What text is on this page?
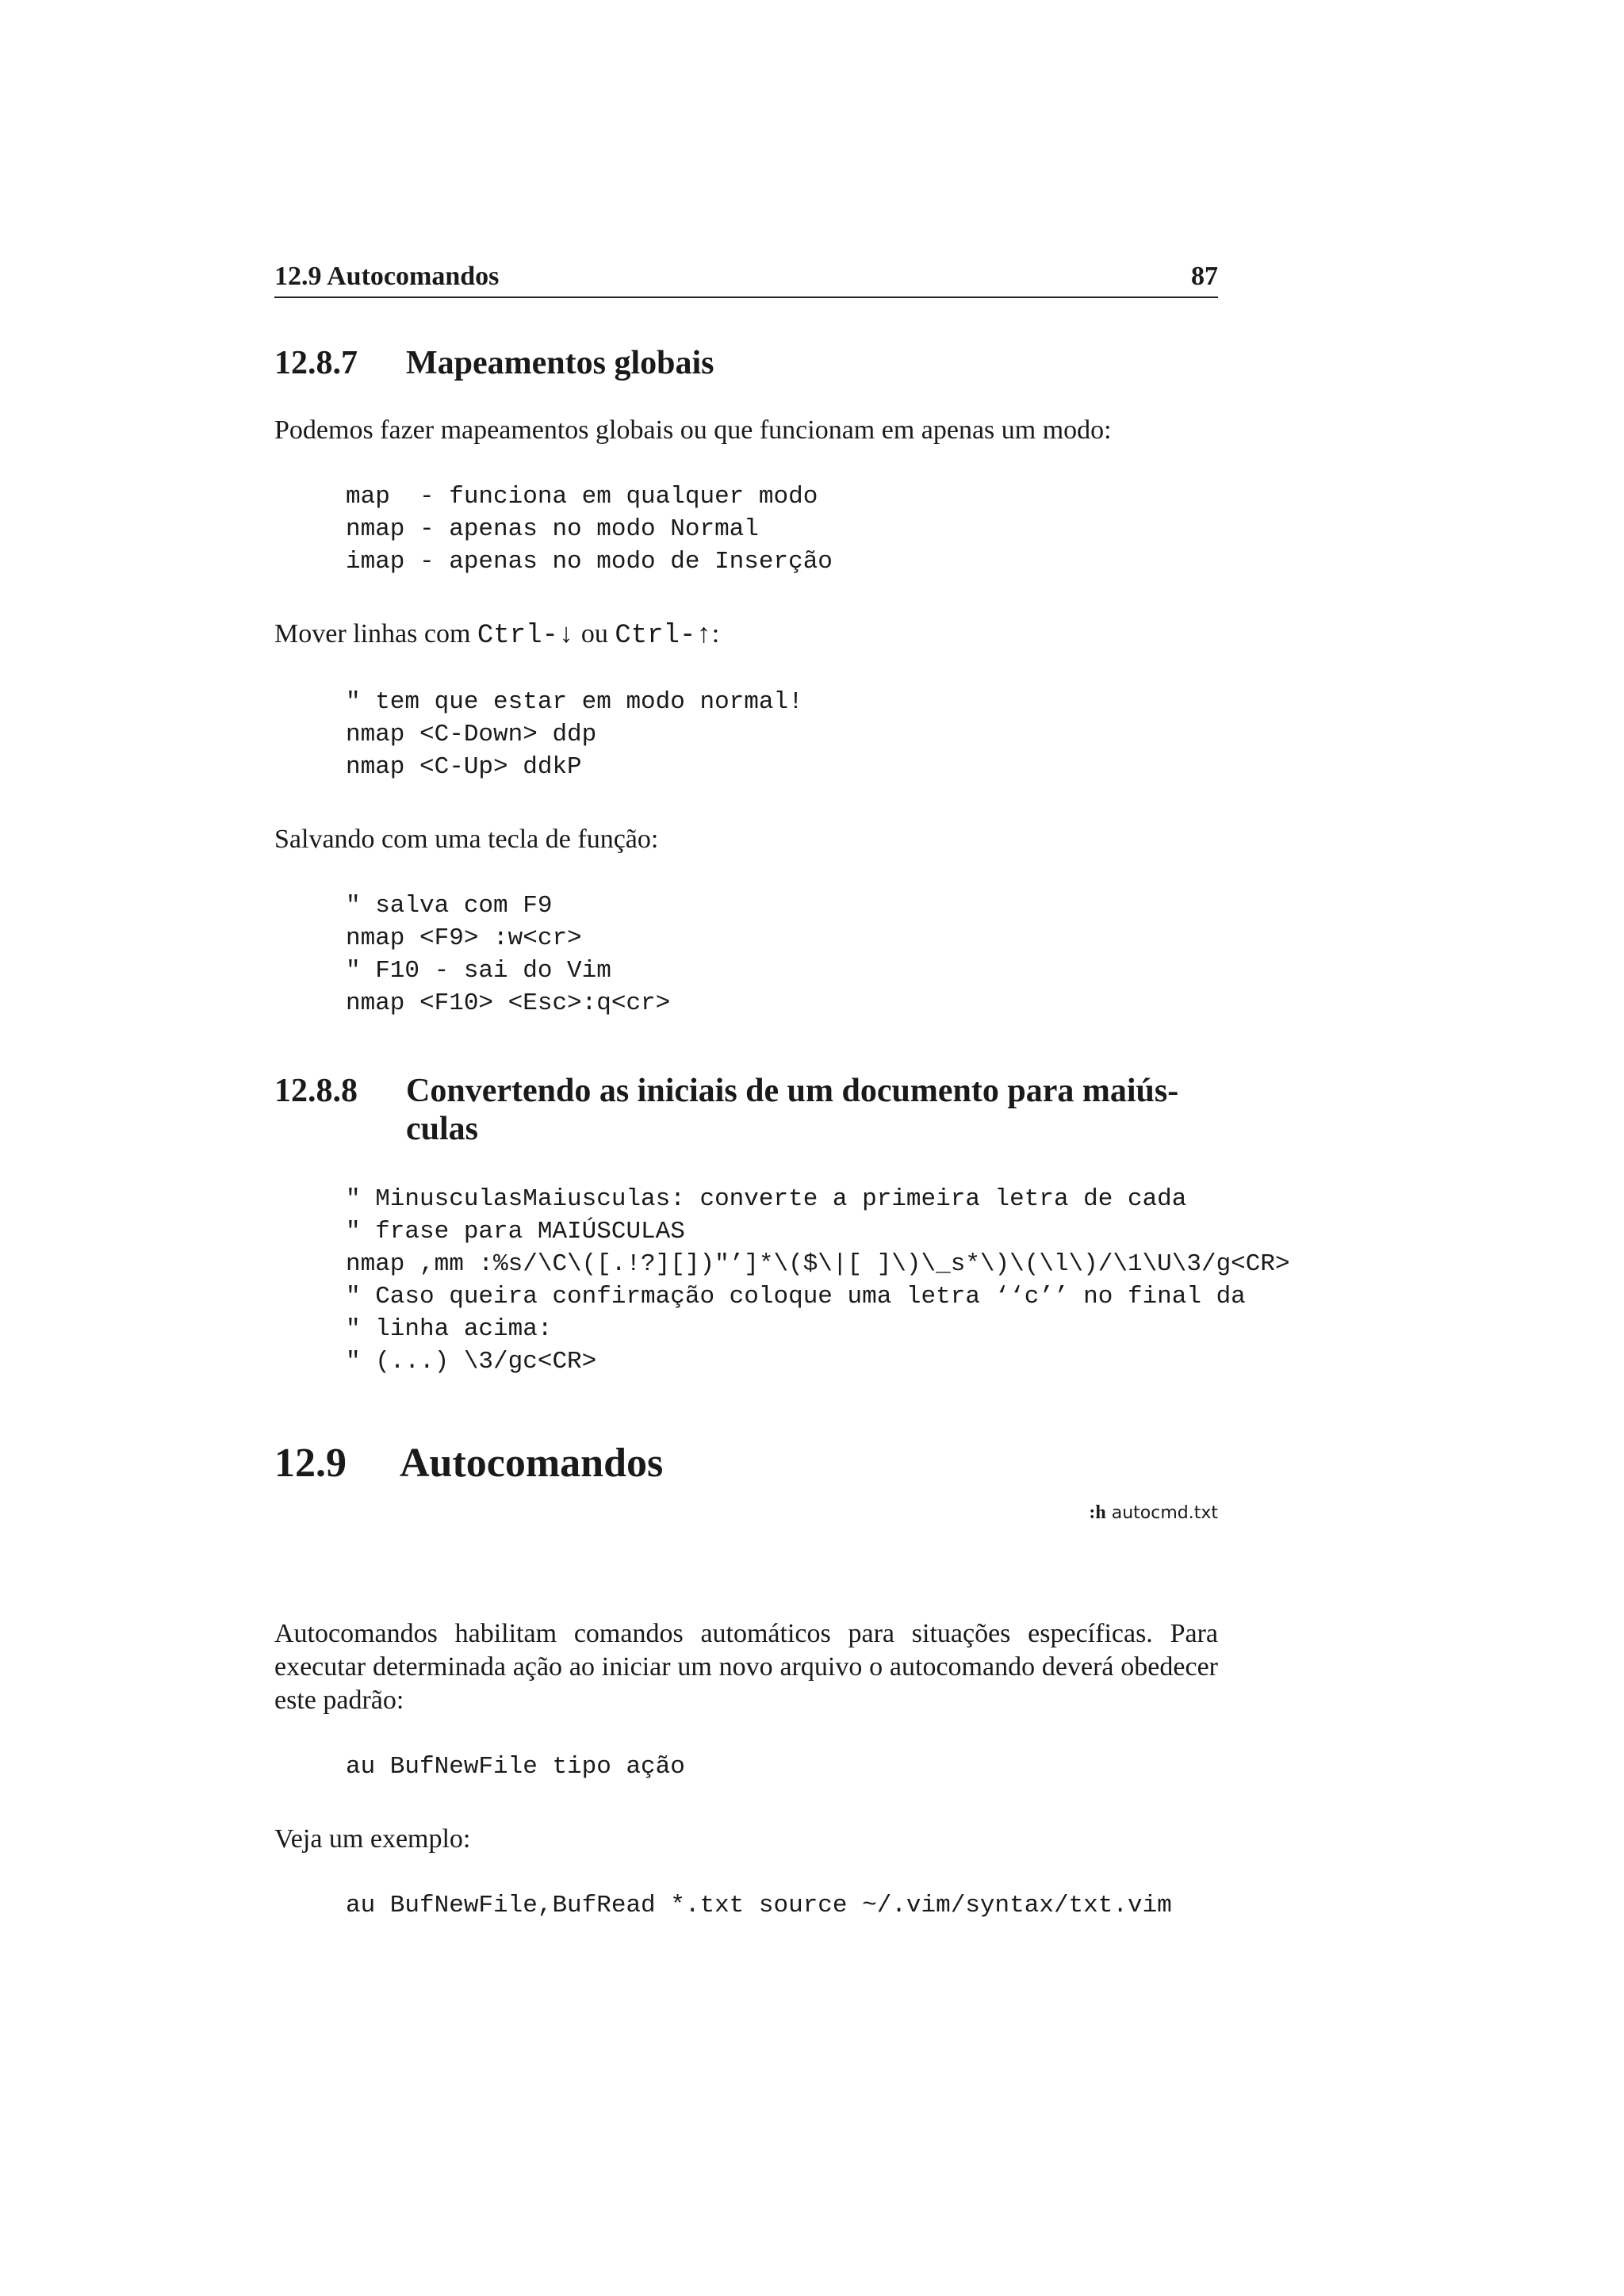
12.9 Autocomandos	87
12.8.7	Mapeamentos globais

Podemos fazer mapeamentos globais ou que funcionam em apenas um modo:

map  - funciona em qualquer modo
nmap - apenas no modo Normal
imap - apenas no modo de Inserção

Mover linhas com Ctrl-↓ ou Ctrl-↑:

" tem que estar em modo normal!
nmap <C-Down> ddp
nmap <C-Up> ddkP

Salvando com uma tecla de função:

" salva com F9
nmap <F9> :w<cr>
" F10 - sai do Vim
nmap <F10> <Esc>:q<cr>
12.8.8	Convertendo as iniciais de um documento para maiús-
culas
" MinusculasMaiusculas: converte a primeira letra de cada
" frase para MAIÚSCULAS
nmap ,mm :%s/\C\([.!?][])"’]*\($\|[ ]\)\_s*\)\(\l\)/\1\U\3/g<CR>
" Caso queira confirmação coloque uma letra ‘‘c’’ no final da
" linha acima:
" (...) \3/gc<CR>
12.9	Autocomandos
:h autocmd.txt

Autocomandos habilitam comandos automáticos para situações específicas. Para executar determinada ação ao iniciar um novo arquivo o autocomando deverá obedecer este padrão:

au BufNewFile tipo ação

Veja um exemplo:

au BufNewFile,BufRead *.txt source ~/.vim/syntax/txt.vim
